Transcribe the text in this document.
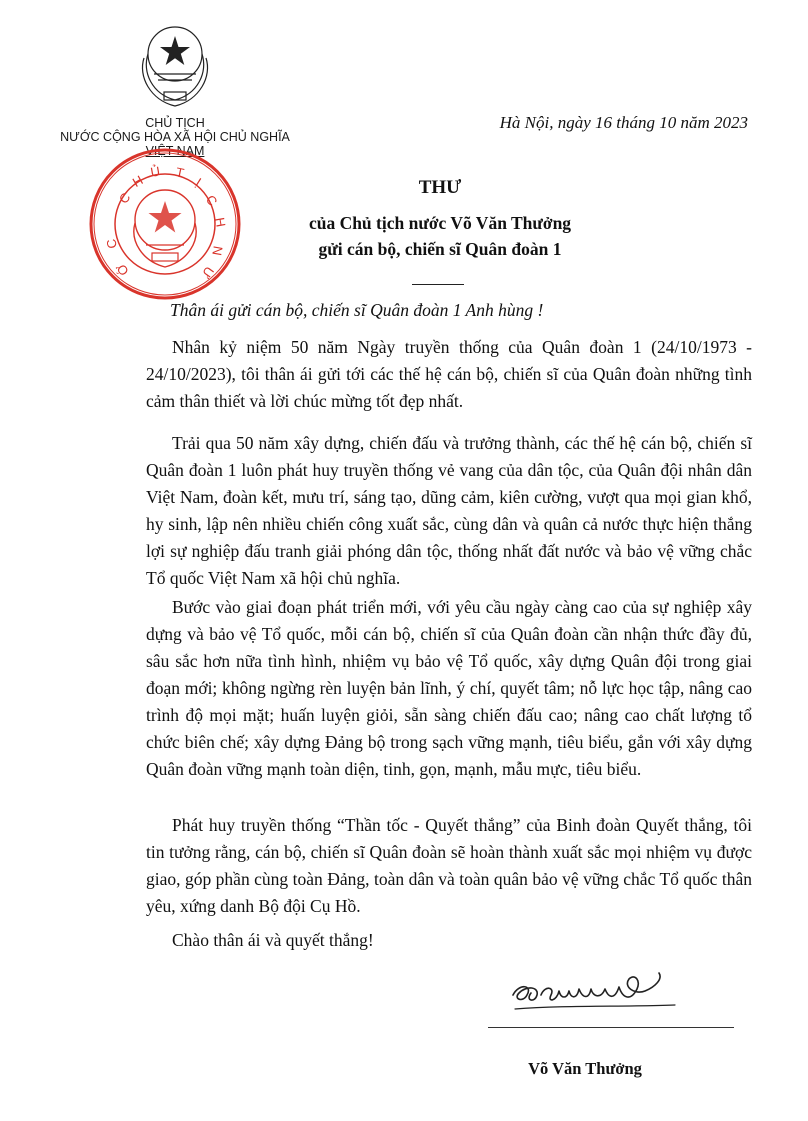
CHỦ TỊCH
NƯỚC CỘNG HÒA XÃ HỘI CHỦ NGHĨA
VIỆT NAM
Hà Nội, ngày 16 tháng 10 năm 2023
C
H
Ủ T
Ị
C
H
C
N
Ư
Ớ
THƯ
của Chủ tịch nước Võ Văn Thưởng
gửi cán bộ, chiến sĩ Quân đoàn 1
Thân ái gửi cán bộ, chiến sĩ Quân đoàn 1 Anh hùng !
Nhân kỷ niệm 50 năm Ngày truyền thống của Quân đoàn 1 (24/10/1973 - 24/10/2023), tôi thân ái gửi tới các thế hệ cán bộ, chiến sĩ của Quân đoàn những tình cảm thân thiết và lời chúc mừng tốt đẹp nhất.
Trải qua 50 năm xây dựng, chiến đấu và trưởng thành, các thế hệ cán bộ, chiến sĩ Quân đoàn 1 luôn phát huy truyền thống vẻ vang của dân tộc, của Quân đội nhân dân Việt Nam, đoàn kết, mưu trí, sáng tạo, dũng cảm, kiên cường, vượt qua mọi gian khổ, hy sinh, lập nên nhiều chiến công xuất sắc, cùng dân và quân cả nước thực hiện thắng lợi sự nghiệp đấu tranh giải phóng dân tộc, thống nhất đất nước và bảo vệ vững chắc Tổ quốc Việt Nam xã hội chủ nghĩa.
Bước vào giai đoạn phát triển mới, với yêu cầu ngày càng cao của sự nghiệp xây dựng và bảo vệ Tổ quốc, mỗi cán bộ, chiến sĩ của Quân đoàn cần nhận thức đầy đủ, sâu sắc hơn nữa tình hình, nhiệm vụ bảo vệ Tổ quốc, xây dựng Quân đội trong giai đoạn mới; không ngừng rèn luyện bản lĩnh, ý chí, quyết tâm; nỗ lực học tập, nâng cao trình độ mọi mặt; huấn luyện giỏi, sẵn sàng chiến đấu cao; nâng cao chất lượng tổ chức biên chế; xây dựng Đảng bộ trong sạch vững mạnh, tiêu biểu, gắn với xây dựng Quân đoàn vững mạnh toàn diện, tinh, gọn, mạnh, mẫu mực, tiêu biểu.
Phát huy truyền thống “Thần tốc - Quyết thắng” của Binh đoàn Quyết thắng, tôi tin tưởng rằng, cán bộ, chiến sĩ Quân đoàn sẽ hoàn thành xuất sắc mọi nhiệm vụ được giao, góp phần cùng toàn Đảng, toàn dân và toàn quân bảo vệ vững chắc Tổ quốc thân yêu, xứng danh Bộ đội Cụ Hồ.
Chào thân ái và quyết thắng!
Võ Văn Thưởng
